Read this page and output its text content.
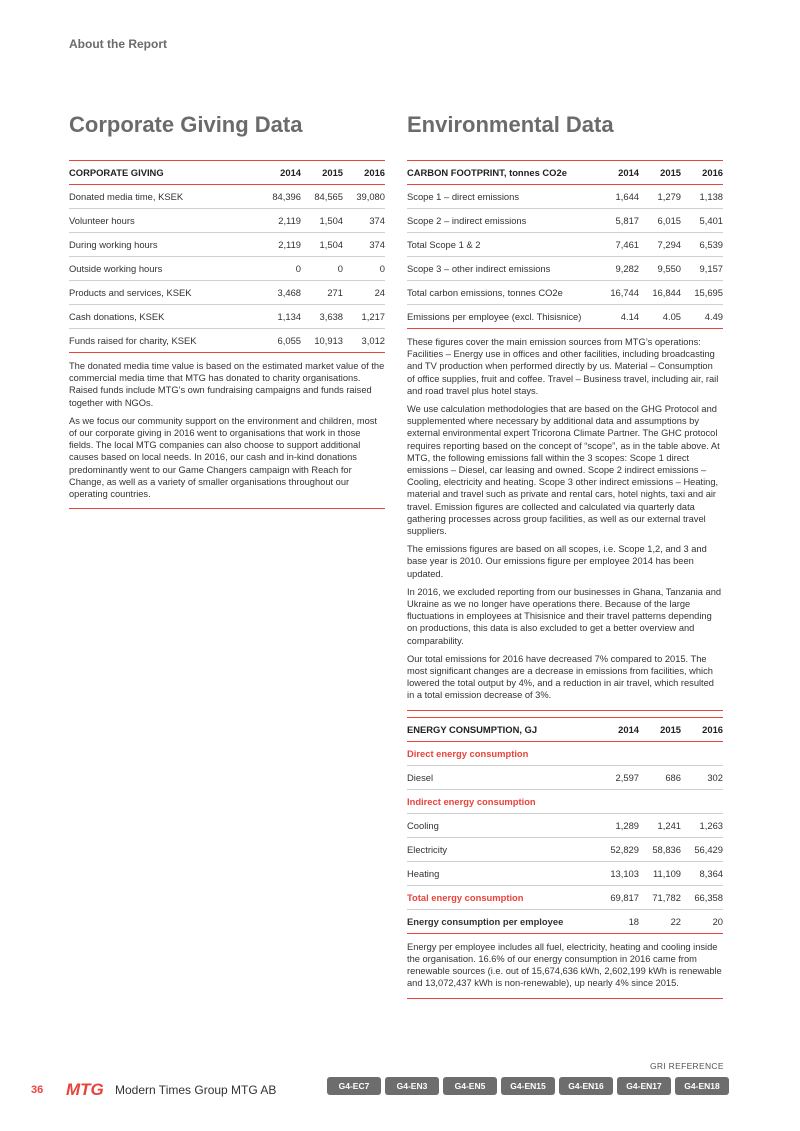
About the Report
Corporate Giving Data
CORPORATE GIVING	2014	2015	2016
Donated media time, KSEK	84,396	84,565	39,080
Volunteer hours	2,119	1,504	374
During working hours	2,119	1,504	374
Outside working hours	0	0	0
Products and services, KSEK	3,468	271	24
Cash donations, KSEK	1,134	3,638	1,217
Funds raised for charity, KSEK	6,055	10,913	3,012

The donated media time value is based on the estimated market value of the commercial media time that MTG has donated to charity organisations. Raised funds include MTG’s own fundraising campaigns and funds raised together with NGOs.

As we focus our community support on the environment and children, most of our corporate giving in 2016 went to organisations that work in those fields. The local MTG companies can also choose to support additional causes based on local needs. In 2016, our cash and in-kind donations predominantly went to our Game Changers campaign with Reach for Change, as well as a variety of smaller organisations throughout our operating countries.

Environmental Data
CARBON FOOTPRINT, tonnes CO2e	2014	2015	2016
Scope 1 – direct emissions	1,644	1,279	1,138
Scope 2 – indirect emissions	5,817	6,015	5,401
Total Scope 1 & 2	7,461	7,294	6,539
Scope 3 – other indirect emissions	9,282	9,550	9,157
Total carbon emissions, tonnes CO2e	16,744	16,844	15,695
Emissions per employee (excl. Thisisnice)	4.14	4.05	4.49

These figures cover the main emission sources from MTG’s operations: Facilities – Energy use in offices and other facilities, including broadcasting and TV production when performed directly by us. Material – Consumption of office supplies, fruit and coffee. Travel – Business travel, including air, rail and road travel plus hotel stays.

We use calculation methodologies that are based on the GHG Protocol and supplemented where necessary by additional data and assumptions by external environmental expert Tricorona Climate Partner. The GHC protocol requires reporting based on the concept of “scope”, as in the table above. At MTG, the following emissions fall within the 3 scopes: Scope 1 direct emissions – Diesel, car leasing and owned. Scope 2 indirect emissions – Cooling, electricity and heating. Scope 3 other indirect emissions – Heating, material and travel such as private and rental cars, hotel nights, taxi and air travel. Emission figures are collected and calculated via quarterly data gathering processes across group facilities, as well as our external travel suppliers.

The emissions figures are based on all scopes, i.e. Scope 1,2, and 3 and base year is 2010. Our emissions figure per employee 2014 has been updated.

In 2016, we excluded reporting from our businesses in Ghana, Tanzania and Ukraine as we no longer have operations there. Because of the large fluctuations in employees at Thisisnice and their travel patterns depending on productions, this data is also excluded to get a better overview and comparability.

Our total emissions for 2016 have decreased 7% compared to 2015. The most significant changes are a decrease in emissions from facilities, which lowered the total output by 4%, and a reduction in air travel, which resulted in a total emission decrease of 3%.

ENERGY CONSUMPTION, GJ	2014	2015	2016
Direct energy consumption			
Diesel	2,597	686	302
Indirect energy consumption			
Cooling	1,289	1,241	1,263
Electricity	52,829	58,836	56,429
Heating	13,103	11,109	8,364
Total energy consumption	69,817	71,782	66,358
Energy consumption per employee	18	22	20

Energy per employee includes all fuel, electricity, heating and cooling inside the organisation. 16.6% of our energy consumption in 2016 came from renewable sources (i.e. out of 15,674,636 kWh, 2,602,199 kWh is renewable and 13,072,437 kWh is non-renewable), up nearly 4% since 2015.

GRI REFERENCE
G4-EC7	G4-EN3	G4-EN5	G4-EN15	G4-EN16	G4-EN17	G4-EN18
36 MTG Modern Times Group MTG AB
